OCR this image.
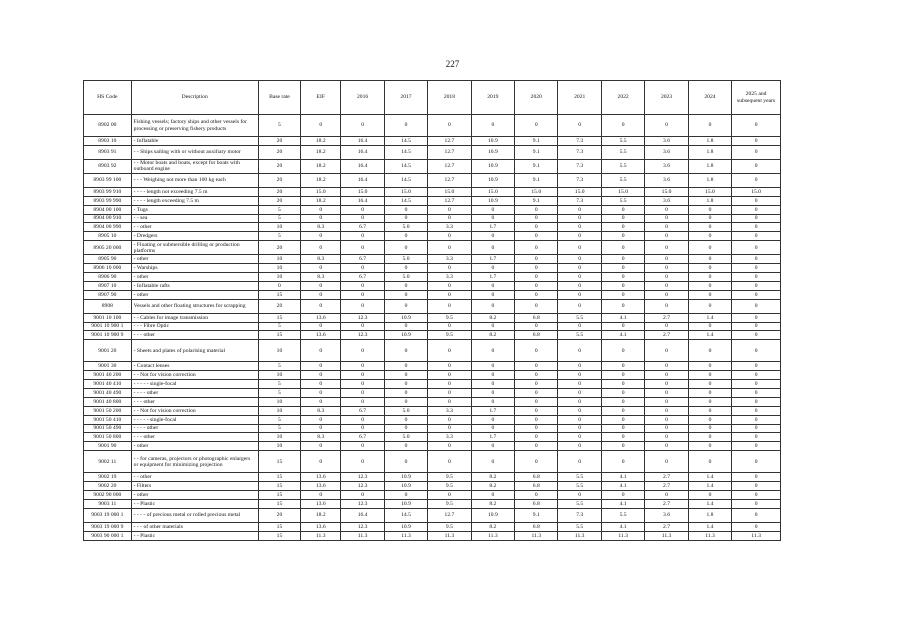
227
HS Code	Description	Base rate	EIF	2016	2017	2018	2019	2020	2021	2022	2023	2024	2025 and subsequent years
8902 00	Fishing vessels; factory ships and other vessels for processing or preserving fishery products	5	0	0	0	0	0	0	0	0	0	0	0
8903 10	- Inflatable	20	18.2	16.4	14.5	12.7	10.9	9.1	7.3	5.5	3.6	1.8	0
8903 91	- - Ships sailing with or without auxiliary motor	20	18.2	16.4	14.5	12.7	10.9	9.1	7.3	5.5	3.6	1.8	0
8903 92	- - Motor boats and boats, except for boats with outboard engine	20	18.2	16.4	14.5	12.7	10.9	9.1	7.3	5.5	3.6	1.8	0
8903 99 100	- - - Weighing not more than 100 kg each	20	18.2	16.4	14.5	12.7	10.9	9.1	7.3	5.5	3.6	1.8	0
8903 99 910	- - - - length not exceeding 7.5 m	20	15.0	15.0	15.0	15.0	15.0	15.0	15.0	15.0	15.0	15.0	15.0
8903 99 990	- - - - length exceeding 7.5 m	20	18.2	16.4	14.5	12.7	10.9	9.1	7.3	5.5	3.6	1.8	0
8904 00 100	- Tugs	5	0	0	0	0	0	0	0	0	0	0	0
8904 00 910	- - sea	5	0	0	0	0	0	0	0	0	0	0	0
8904 00 990	- - other	10	8.3	6.7	5.0	3.3	1.7	0	0	0	0	0	0
8905 10	- Dredgers	5	0	0	0	0	0	0	0	0	0	0	0
8905 20 000	- Floating or submersible drilling or production platforms	20	0	0	0	0	0	0	0	0	0	0	0
8905 90	- other	10	8.3	6.7	5.0	3.3	1.7	0	0	0	0	0	0
8906 10 000	- Warships	10	0	0	0	0	0	0	0	0	0	0	0
8906 90	- other	10	8.3	6.7	5.0	3.3	1.7	0	0	0	0	0	0
8907 10	- Inflatable rafts	0	0	0	0	0	0	0	0	0	0	0	0
8907 90	- other	15	0	0	0	0	0	0	0	0	0	0	0
8908	Vessels and other floating structures for scrapping	20	0	0	0	0	0	0	0	0	0	0	0
9001 10 100	- - Cables for image transmission	15	13.6	12.3	10.9	9.5	8.2	6.8	5.5	4.1	2.7	1.4	0
9001 10 900 1	- - - Fibre Optic	5	0	0	0	0	0	0	0	0	0	0	0
9001 10 900 9	- - - other	15	13.6	12.3	10.9	9.5	8.2	6.8	5.5	4.1	2.7	1.4	0
9001 20	- Sheets and plates of polarising material	10	0	0	0	0	0	0	0	0	0	0	0
9001 30	- Contact lenses	5	0	0	0	0	0	0	0	0	0	0	0
9001 40 200	- - Not for vision correction	10	0	0	0	0	0	0	0	0	0	0	0
9001 40 410	- - - - - single-focal	5	0	0	0	0	0	0	0	0	0	0	0
9001 40 490	- - - - other	5	0	0	0	0	0	0	0	0	0	0	0
9001 40 800	- - - other	10	0	0	0	0	0	0	0	0	0	0	0
9001 50 200	- - Not for vision correction	10	8.3	6.7	5.0	3.3	1.7	0	0	0	0	0	0
9001 50 410	- - - - - single-focal	5	0	0	0	0	0	0	0	0	0	0	0
9001 50 490	- - - - other	5	0	0	0	0	0	0	0	0	0	0	0
9001 50 800	- - - other	10	8.3	6.7	5.0	3.3	1.7	0	0	0	0	0	0
9001 90	- other	10	0	0	0	0	0	0	0	0	0	0	0
9002 11	- - for cameras, projectors or photographic enlargers or equipment for minimizing projection	15	0	0	0	0	0	0	0	0	0	0	0
9002 19	- - other	15	13.6	12.3	10.9	9.5	8.2	6.8	5.5	4.1	2.7	1.4	0
9002 20	- Filters	15	13.6	12.3	10.9	9.5	8.2	6.8	5.5	4.1	2.7	1.4	0
9002 90 000	- other	15	0	0	0	0	0	0	0	0	0	0	0
9003 11	- - Plastic	15	13.6	12.3	10.9	9.5	8.2	6.8	5.5	4.1	2.7	1.4	0
9003 19 000 1	- - - - of precious metal or rolled precious metal	20	18.2	16.4	14.5	12.7	10.9	9.1	7.3	5.5	3.6	1.8	0
9003 19 000 9	- - - of other materials	15	13.6	12.3	10.9	9.5	8.2	6.8	5.5	4.1	2.7	1.4	0
9003 90 000 1	- - Plastic	15	11.3	11.3	11.3	11.3	11.3	11.3	11.3	11.3	11.3	11.3	11.3
